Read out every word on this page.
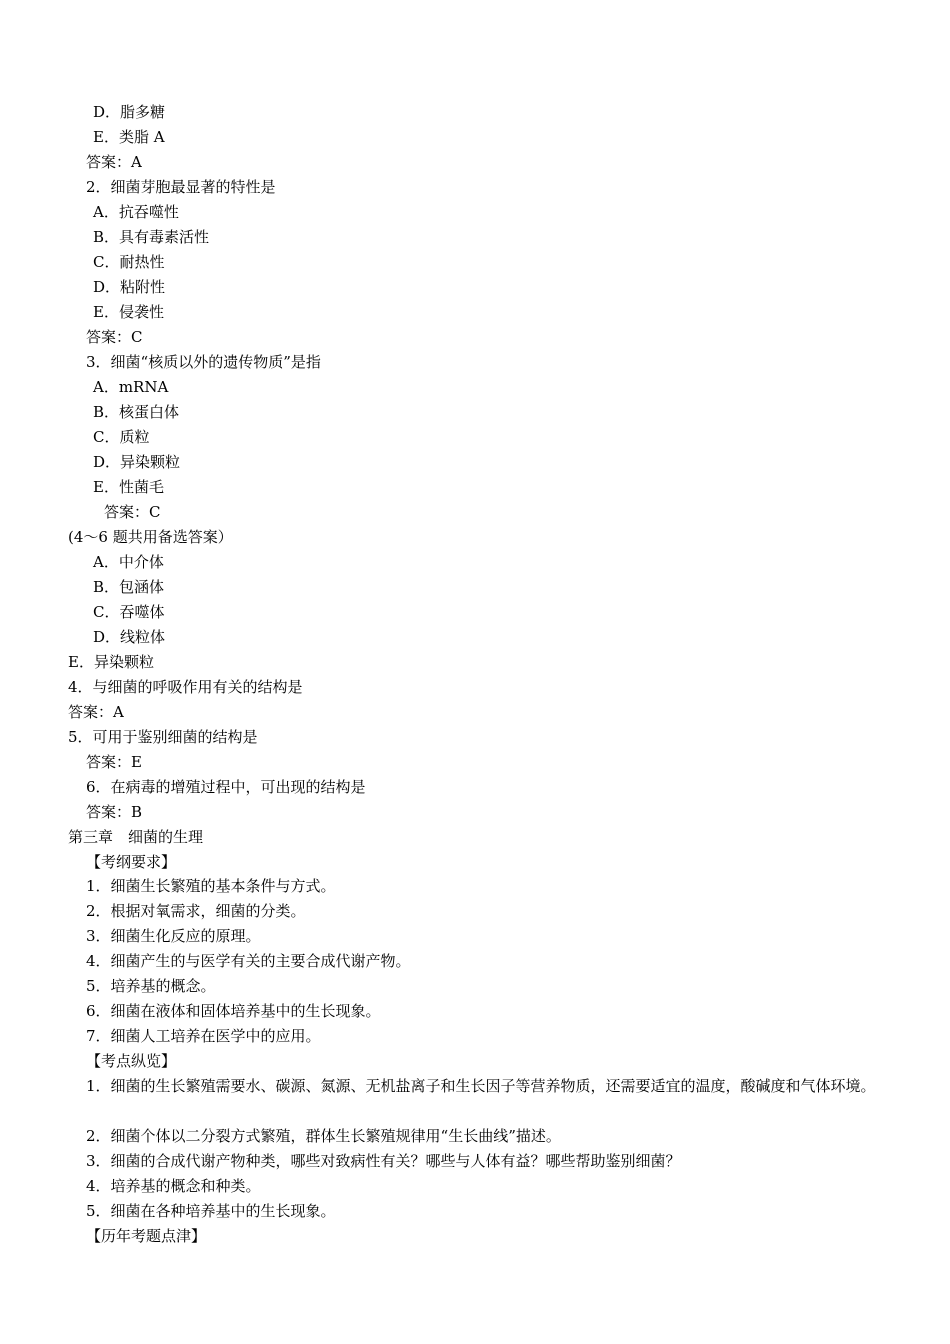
D．脂多糖
E．类脂 A
答案：A
2．细菌芽胞最显著的特性是
A．抗吞噬性
B．具有毒素活性
C．耐热性
D．粘附性
E．侵袭性
答案：C
3．细菌“核质以外的遗传物质”是指
A．mRNA
B．核蛋白体
C．质粒
D．异染颗粒
E．性菌毛
答案：C
(4～6 题共用备选答案）
A．中介体
B．包涵体
C．吞噬体
D．线粒体
E．异染颗粒
4．与细菌的呼吸作用有关的结构是
答案：A
5．可用于鉴别细菌的结构是
答案：E
6．在病毒的增殖过程中，可出现的结构是
答案：B
第三章　细菌的生理
【考纲要求】
1．细菌生长繁殖的基本条件与方式。
2．根据对氧需求，细菌的分类。
3．细菌生化反应的原理。
4．细菌产生的与医学有关的主要合成代谢产物。
5．培养基的概念。
6．细菌在液体和固体培养基中的生长现象。
7．细菌人工培养在医学中的应用。
【考点纵览】
1．细菌的生长繁殖需要水、碳源、氮源、无机盐离子和生长因子等营养物质，还需要适宜的温度，酸碱度和气体环境。
2．细菌个体以二分裂方式繁殖，群体生长繁殖规律用“生长曲线”描述。
3．细菌的合成代谢产物种类，哪些对致病性有关？哪些与人体有益？哪些帮助鉴别细菌？
4．培养基的概念和种类。
5．细菌在各种培养基中的生长现象。
【历年考题点津】
